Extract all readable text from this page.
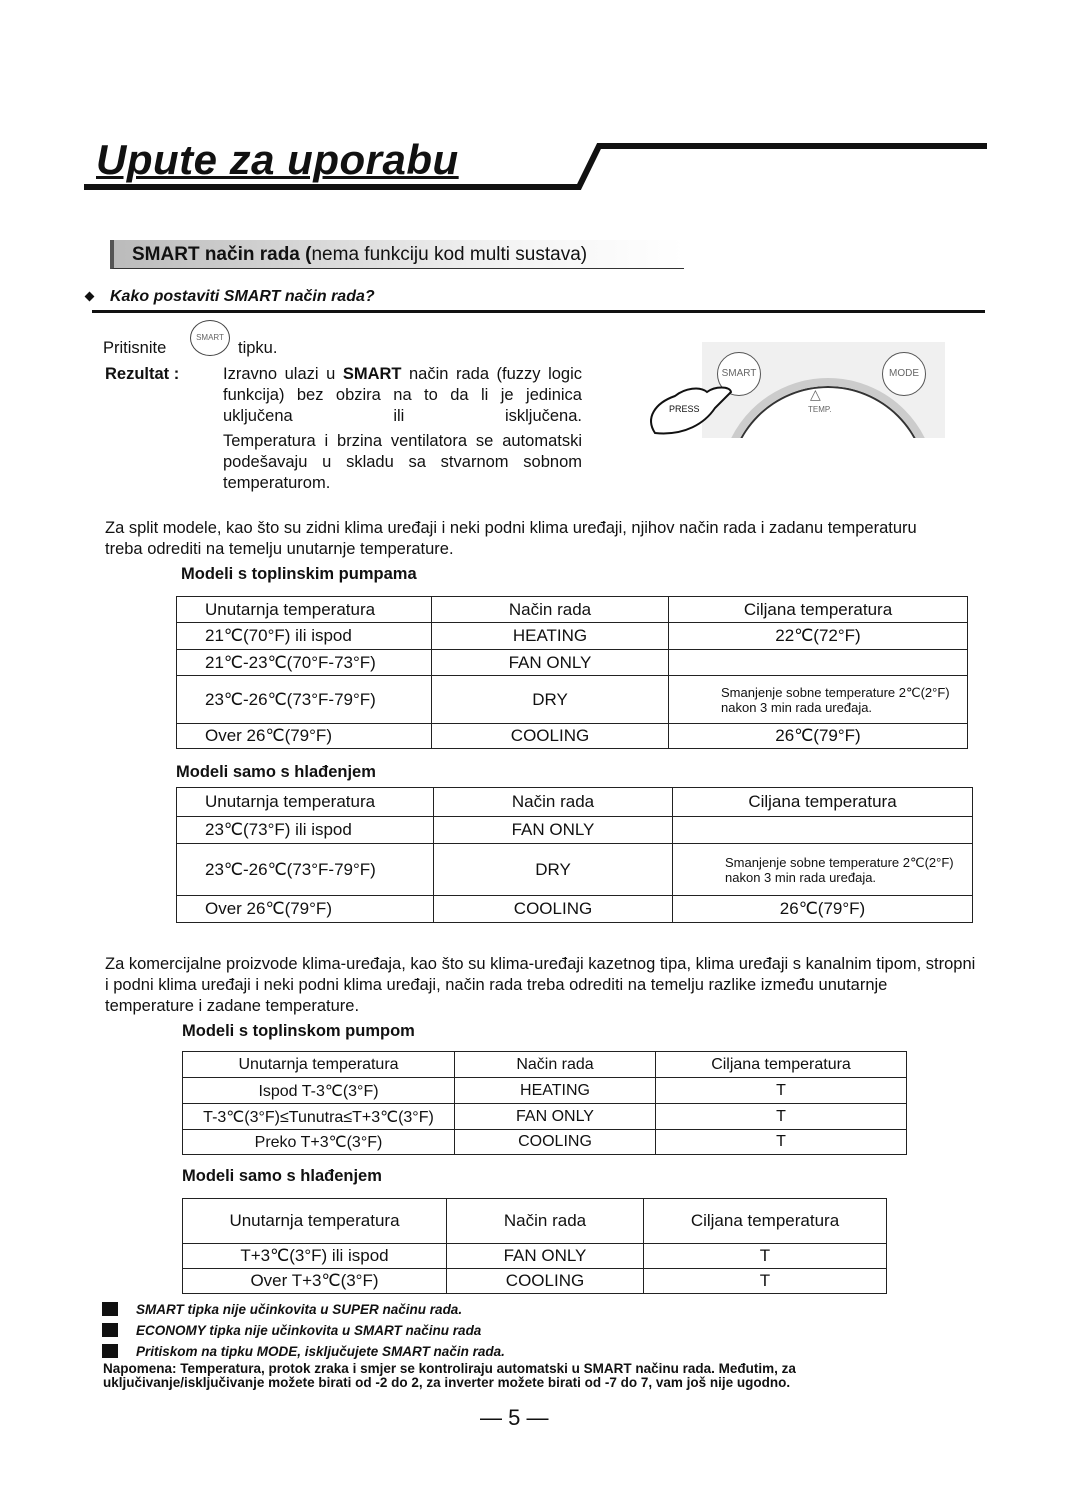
Upute za uporabu
SMART način rada (nema funkciju kod multi sustava)
Kako postaviti SMART način rada?
Pritisnite
SMART
tipku.
Rezultat :	Izravno ulazi u SMART način rada (fuzzy logic funkcija) bez obzira na to da li je jedinica uključena ili isključena.
Temperatura i brzina ventilatora se automatski podešavaju u skladu sa stvarnom sobnom temperaturom.
SMART	MODE
△
TEMP.
PRESS
Za split modele, kao što su zidni klima uređaji i neki podni klima uređaji, njihov način rada i zadanu temperaturu treba odrediti na temelju unutarnje temperature.
Za komercijalne proizvode klima-uređaja, kao što su klima-uređaji kazetnog tipa, klima uređaji s kanalnim tipom, stropni i podni klima uređaji i neki podni klima uređaji, način rada treba odrediti na temelju razlike između unutarnje temperature i zadane temperature.
Modeli s toplinskim pumpama
Unutarnja temperatura	Način rada	Ciljana temperatura
21℃(70°F) ili ispod	HEATING	22℃(72°F)
21℃-23℃(70°F-73°F)	FAN ONLY	
23℃-26℃(73°F-79°F)	DRY	Smanjenje sobne temperature 2℃(2°F) nakon 3 min rada uređaja.
Over 26℃(79°F)	COOLING	26℃(79°F)
Modeli samo s hlađenjem
Unutarnja temperatura	Način rada	Ciljana temperatura
23℃(73°F) ili ispod	FAN ONLY	
23℃-26℃(73°F-79°F)	DRY	Smanjenje sobne temperature 2℃(2°F) nakon 3 min rada uređaja.
Over 26℃(79°F)	COOLING	26℃(79°F)
Modeli s toplinskom pumpom
Unutarnja temperatura	Način rada	Ciljana temperatura
Ispod T-3℃(3°F)	HEATING	T
T-3℃(3°F)≤Tunutra≤T+3℃(3°F)	FAN ONLY	T
Preko T+3℃(3°F)	COOLING	T
Modeli samo s hlađenjem
Unutarnja temperatura	Način rada	Ciljana temperatura
T+3℃(3°F) ili ispod	FAN ONLY	T
Over T+3℃(3°F)	COOLING	T
SMART tipka nije učinkovita u SUPER načinu rada.
ECONOMY tipka nije učinkovita u SMART načinu rada
Pritiskom na tipku MODE, isključujete SMART način rada.
Napomena: Temperatura, protok zraka i smjer se kontroliraju automatski u SMART načinu rada. Međutim, za uključivanje/isključivanje možete birati od -2 do 2, za inverter možete birati od -7 do 7, vam još nije ugodno.
— 5 —
